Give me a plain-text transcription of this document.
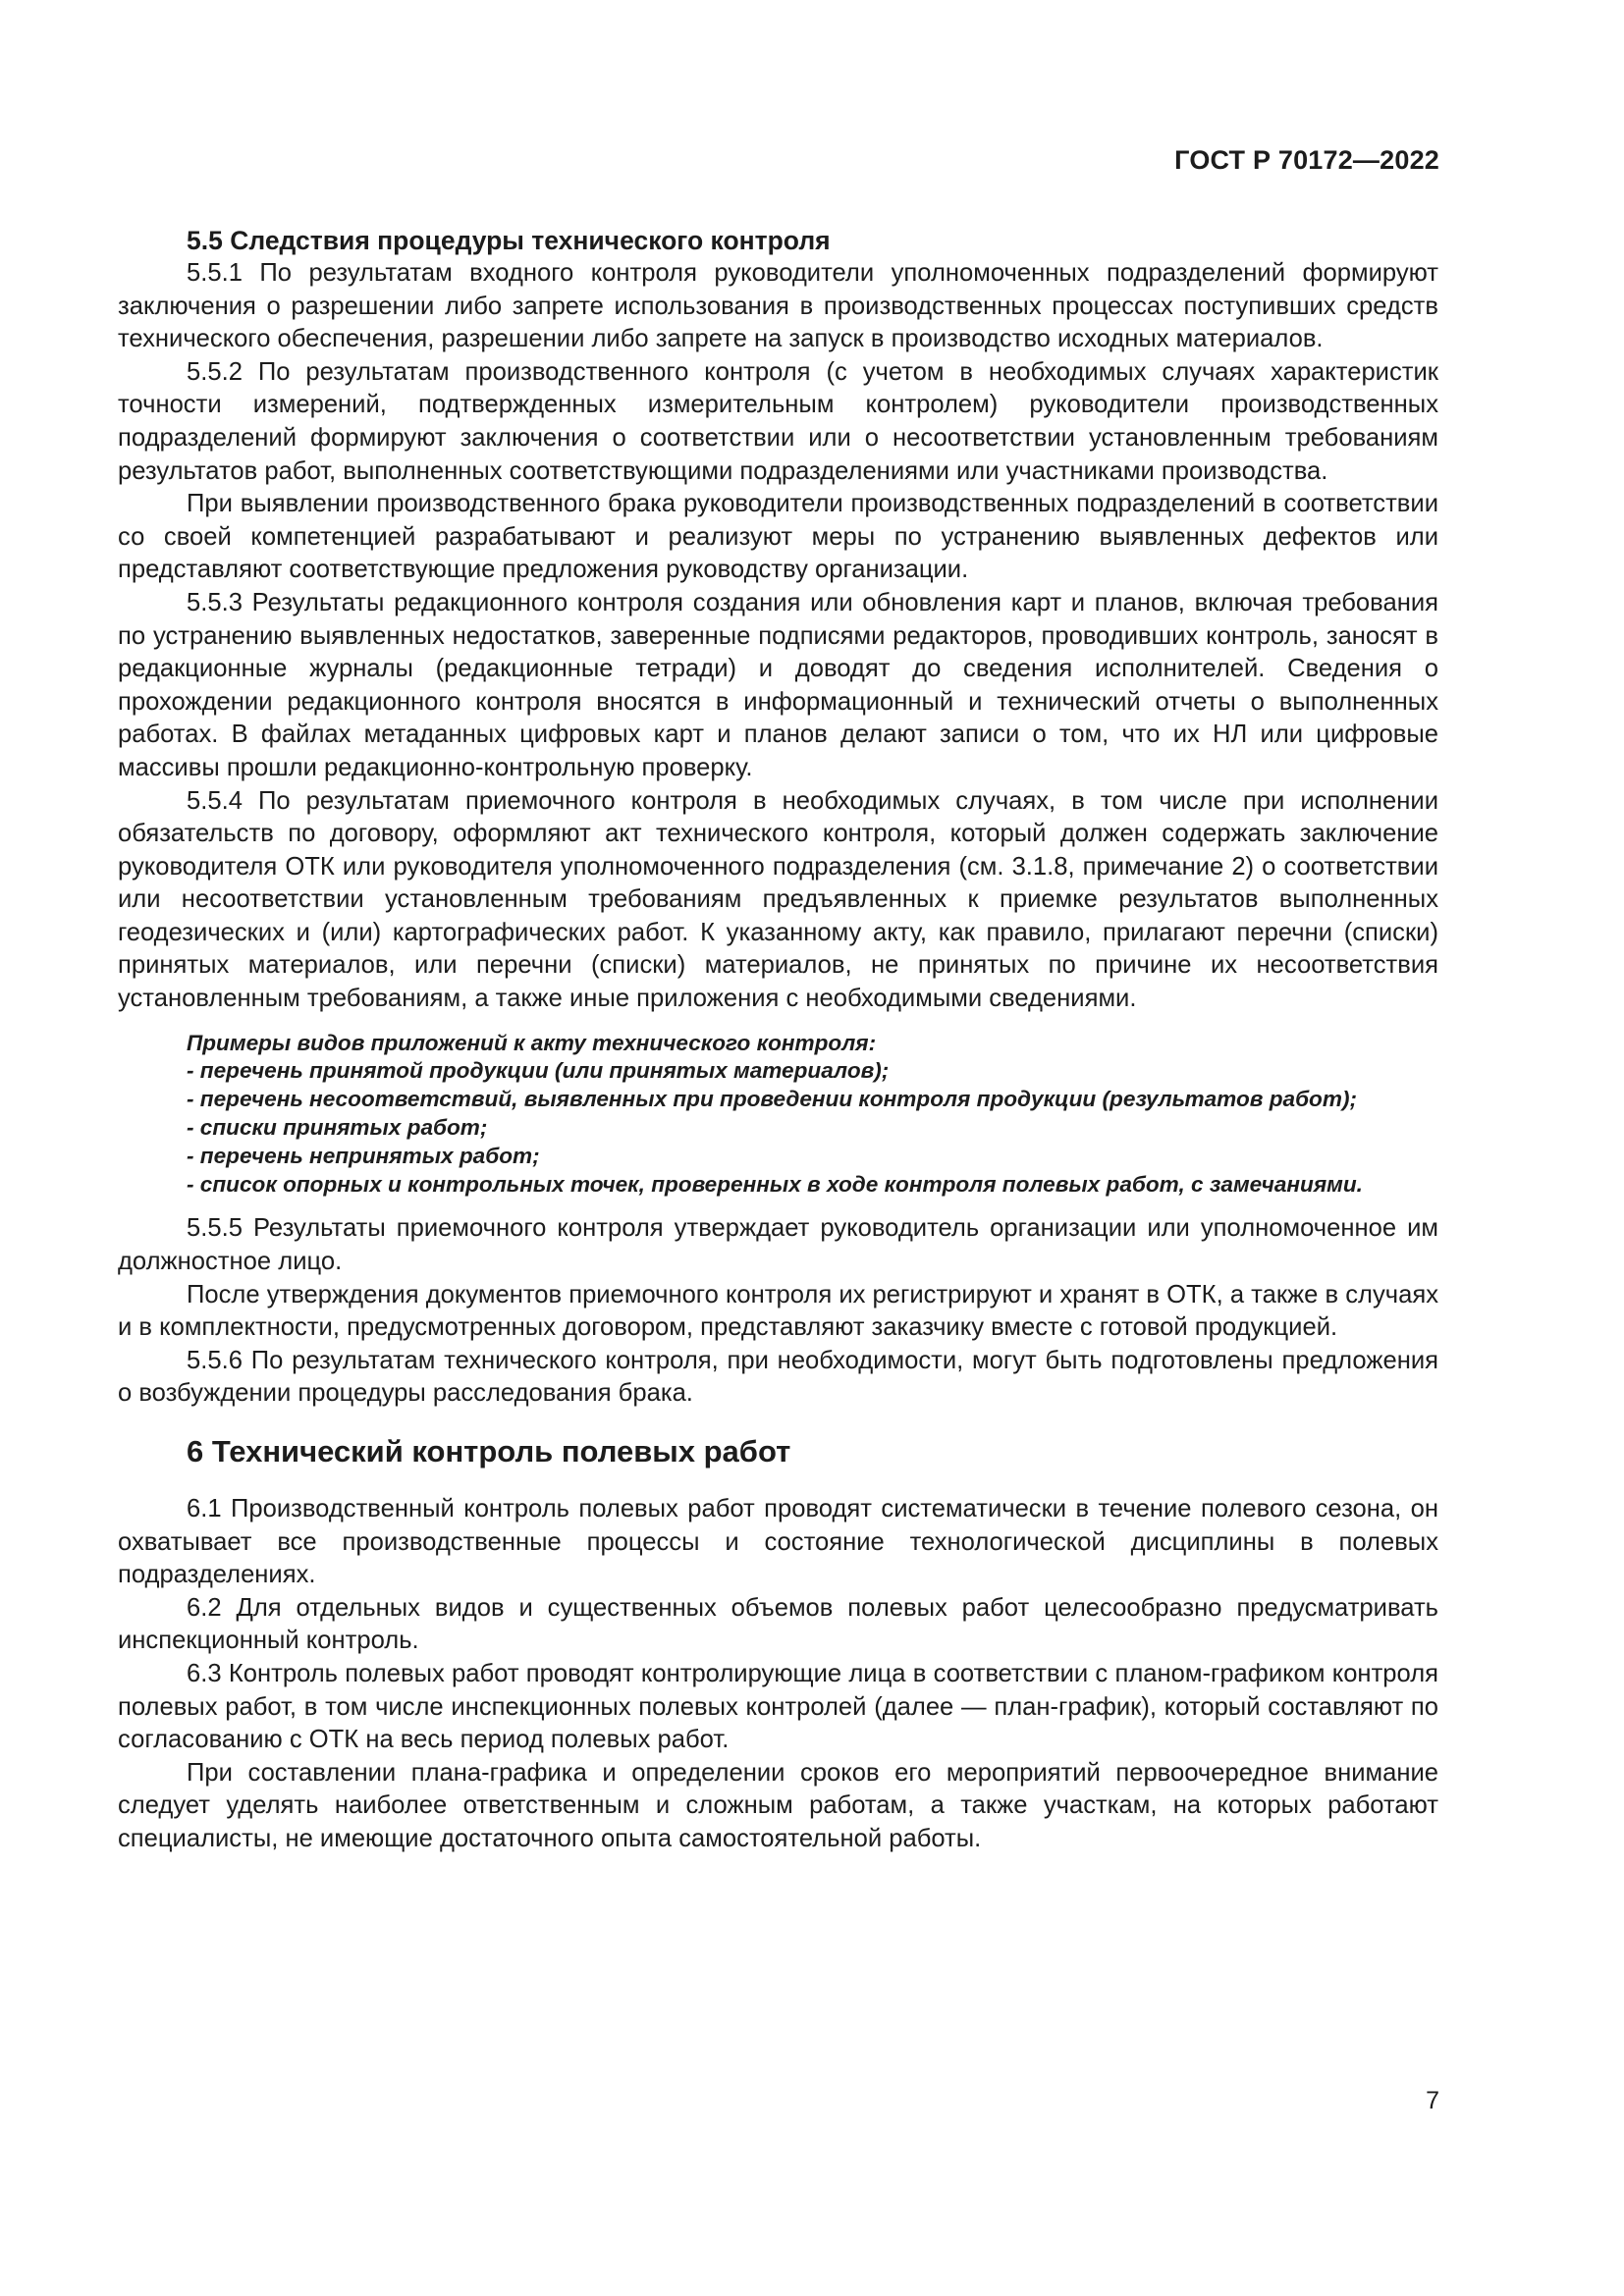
ГОСТ Р 70172—2022
5.5 Следствия процедуры технического контроля

5.5.1 По результатам входного контроля руководители уполномоченных подразделений формируют заключения о разрешении либо запрете использования в производственных процессах поступивших средств технического обеспечения, разрешении либо запрете на запуск в производство исходных материалов.

5.5.2 По результатам производственного контроля (с учетом в необходимых случаях характеристик точности измерений, подтвержденных измерительным контролем) руководители производственных подразделений формируют заключения о соответствии или о несоответствии установленным требованиям результатов работ, выполненных соответствующими подразделениями или участниками производства.

При выявлении производственного брака руководители производственных подразделений в соответствии со своей компетенцией разрабатывают и реализуют меры по устранению выявленных дефектов или представляют соответствующие предложения руководству организации.

5.5.3 Результаты редакционного контроля создания или обновления карт и планов, включая требования по устранению выявленных недостатков, заверенные подписями редакторов, проводивших контроль, заносят в редакционные журналы (редакционные тетради) и доводят до сведения исполнителей. Сведения о прохождении редакционного контроля вносятся в информационный и технический отчеты о выполненных работах. В файлах метаданных цифровых карт и планов делают записи о том, что их НЛ или цифровые массивы прошли редакционно-контрольную проверку.

5.5.4 По результатам приемочного контроля в необходимых случаях, в том числе при исполнении обязательств по договору, оформляют акт технического контроля, который должен содержать заключение руководителя ОТК или руководителя уполномоченного подразделения (см. 3.1.8, примечание 2) о соответствии или несоответствии установленным требованиям предъявленных к приемке результатов выполненных геодезических и (или) картографических работ. К указанному акту, как правило, прилагают перечни (списки) принятых материалов, или перечни (списки) материалов, не принятых по причине их несоответствия установленным требованиям, а также иные приложения с необходимыми сведениями.

Примеры видов приложений к акту технического контроля:

- перечень принятой продукции (или принятых материалов);

- перечень несоответствий, выявленных при проведении контроля продукции (результатов работ);

- списки принятых работ;

- перечень непринятых работ;

- список опорных и контрольных точек, проверенных в ходе контроля полевых работ, с замечаниями.

5.5.5 Результаты приемочного контроля утверждает руководитель организации или уполномоченное им должностное лицо.

После утверждения документов приемочного контроля их регистрируют и хранят в ОТК, а также в случаях и в комплектности, предусмотренных договором, представляют заказчику вместе с готовой продукцией.

5.5.6 По результатам технического контроля, при необходимости, могут быть подготовлены предложения о возбуждении процедуры расследования брака.

6 Технический контроль полевых работ

6.1 Производственный контроль полевых работ проводят систематически в течение полевого сезона, он охватывает все производственные процессы и состояние технологической дисциплины в полевых подразделениях.

6.2 Для отдельных видов и существенных объемов полевых работ целесообразно предусматривать инспекционный контроль.

6.3 Контроль полевых работ проводят контролирующие лица в соответствии с планом-графиком контроля полевых работ, в том числе инспекционных полевых контролей (далее — план-график), который составляют по согласованию с ОТК на весь период полевых работ.

При составлении плана-графика и определении сроков его мероприятий первоочередное внимание следует уделять наиболее ответственным и сложным работам, а также участкам, на которых работают специалисты, не имеющие достаточного опыта самостоятельной работы.

7
